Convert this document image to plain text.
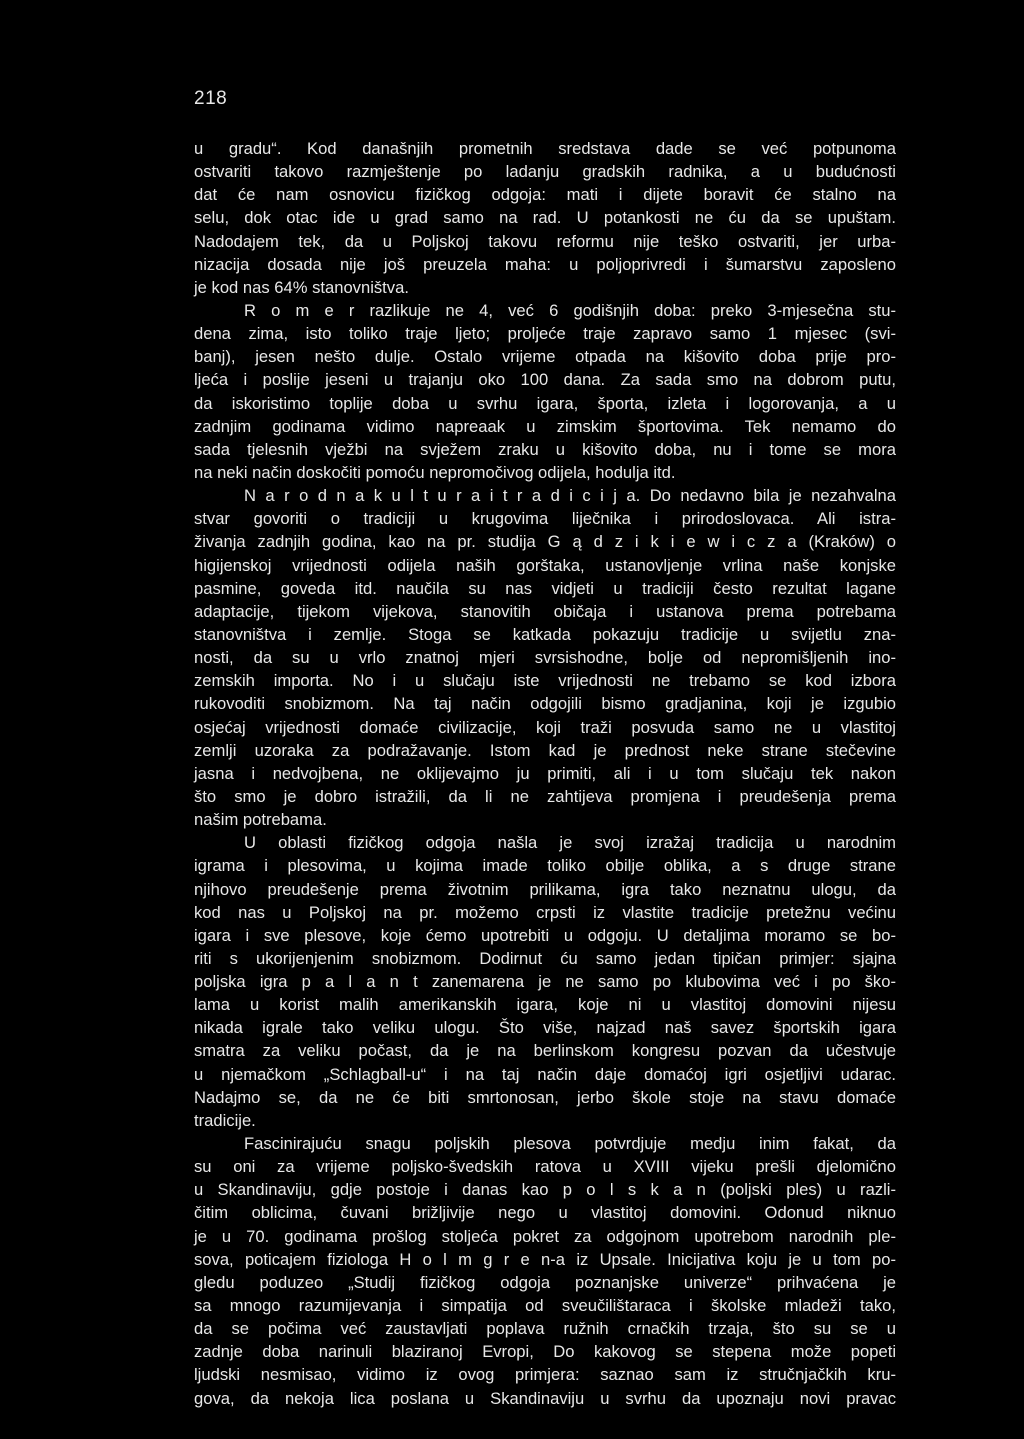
218
u gradu“. Kod današnjih prometnih sredstava dade se već potpunoma
ostvariti takovo razmještenje po ladanju gradskih radnika, a u budućnosti
dat će nam osnovicu fizičkog odgoja: mati i dijete boravit će stalno na
selu, dok otac ide u grad samo na rad. U potankosti ne ću da se upuštam.
Nadodajem tek, da u Poljskoj takovu reformu nije teško ostvariti, jer urba-
nizacija dosada nije još preuzela maha: u poljoprivredi i šumarstvu zaposleno
je kod nas 64% stanovništva.
R o m e r razlikuje ne 4, već 6 godišnjih doba: preko 3-mjesečna stu-
dena zima, isto toliko traje ljeto; proljeće traje zapravo samo 1 mjesec (svi-
banj), jesen nešto dulje. Ostalo vrijeme otpada na kišovito doba prije pro-
ljeća i poslije jeseni u trajanju oko 100 dana. Za sada smo na dobrom putu,
da iskoristimo toplije doba u svrhu igara, športa, izleta i logorovanja, a u
zadnjim godinama vidimo napreaak u zimskim športovima. Tek nemamo do
sada tjelesnih vježbi na svježem zraku u kišovito doba, nu i tome se mora
na neki način doskočiti pomoću nepromočivog odijela, hodulja itd.
N a r o d n a k u l t u r a i t r a d i c i j a. Do nedavno bila je nezahvalna
stvar govoriti o tradiciji u krugovima liječnika i prirodoslovaca. Ali istra-
živanja zadnjih godina, kao na pr. studija G ą d z i k i e w i c z a (Kraków) o
higijenskoj vrijednosti odijela naših gorštaka, ustanovljenje vrlina naše konjske
pasmine, goveda itd. naučila su nas vidjeti u tradiciji često rezultat lagane
adaptacije, tijekom vijekova, stanovitih običaja i ustanova prema potrebama
stanovništva i zemlje. Stoga se katkada pokazuju tradicije u svijetlu zna-
nosti, da su u vrlo znatnoj mjeri svrsishodne, bolje od nepromišljenih ino-
zemskih importa. No i u slučaju iste vrijednosti ne trebamo se kod izbora
rukovoditi snobizmom. Na taj način odgojili bismo gradjanina, koji je izgubio
osjećaj vrijednosti domaće civilizacije, koji traži posvuda samo ne u vlastitoj
zemlji uzoraka za podražavanje. Istom kad je prednost neke strane stečevine
jasna i nedvojbena, ne oklijevajmo ju primiti, ali i u tom slučaju tek nakon
što smo je dobro istražili, da li ne zahtijeva promjena i preudešenja prema
našim potrebama.
U oblasti fizičkog odgoja našla je svoj izražaj tradicija u narodnim
igrama i plesovima, u kojima imade toliko obilje oblika, a s druge strane
njihovo preudešenje prema životnim prilikama, igra tako neznatnu ulogu, da
kod nas u Poljskoj na pr. možemo crpsti iz vlastite tradicije pretežnu većinu
igara i sve plesove, koje ćemo upotrebiti u odgoju. U detaljima moramo se bo-
riti s ukorijenjenim snobizmom. Dodirnut ću samo jedan tipičan primjer: sjajna
poljska igra p a l a n t zanemarena je ne samo po klubovima već i po ško-
lama u korist malih amerikanskih igara, koje ni u vlastitoj domovini nijesu
nikada igrale tako veliku ulogu. Što više, najzad naš savez športskih igara
smatra za veliku počast, da je na berlinskom kongresu pozvan da učestvuje
u njemačkom „Schlagball-u“ i na taj način daje domaćoj igri osjetljivi udarac.
Nadajmo se, da ne će biti smrtonosan, jerbo škole stoje na stavu domaće
tradicije.
Fascinirajuću snagu poljskih plesova potvrdjuje medju inim fakat, da
su oni za vrijeme poljsko-švedskih ratova u XVIII vijeku prešli djelomično
u Skandinaviju, gdje postoje i danas kao p o l s k a n (poljski ples) u razli-
čitim oblicima, čuvani brižljivije nego u vlastitoj domovini. Odonud niknuo
je u 70. godinama prošlog stoljeća pokret za odgojnom upotrebom narodnih ple-
sova, poticajem fiziologa H o l m g r e n-a iz Upsale. Inicijativa koju je u tom po-
gledu poduzeo „Studij fizičkog odgoja poznanjske univerze“ prihvaćena je
sa mnogo razumijevanja i simpatija od sveučilištaraca i školske mladeži tako,
da se počima već zaustavljati poplava ružnih crnačkih trzaja, što su se u
zadnje doba narinuli blaziranoj Evropi, Do kakovog se stepena može popeti
ljudski nesmisao, vidimo iz ovog primjera: saznao sam iz stručnjačkih kru-
gova, da nekoja lica poslana u Skandinaviju u svrhu da upoznaju novi pravac
